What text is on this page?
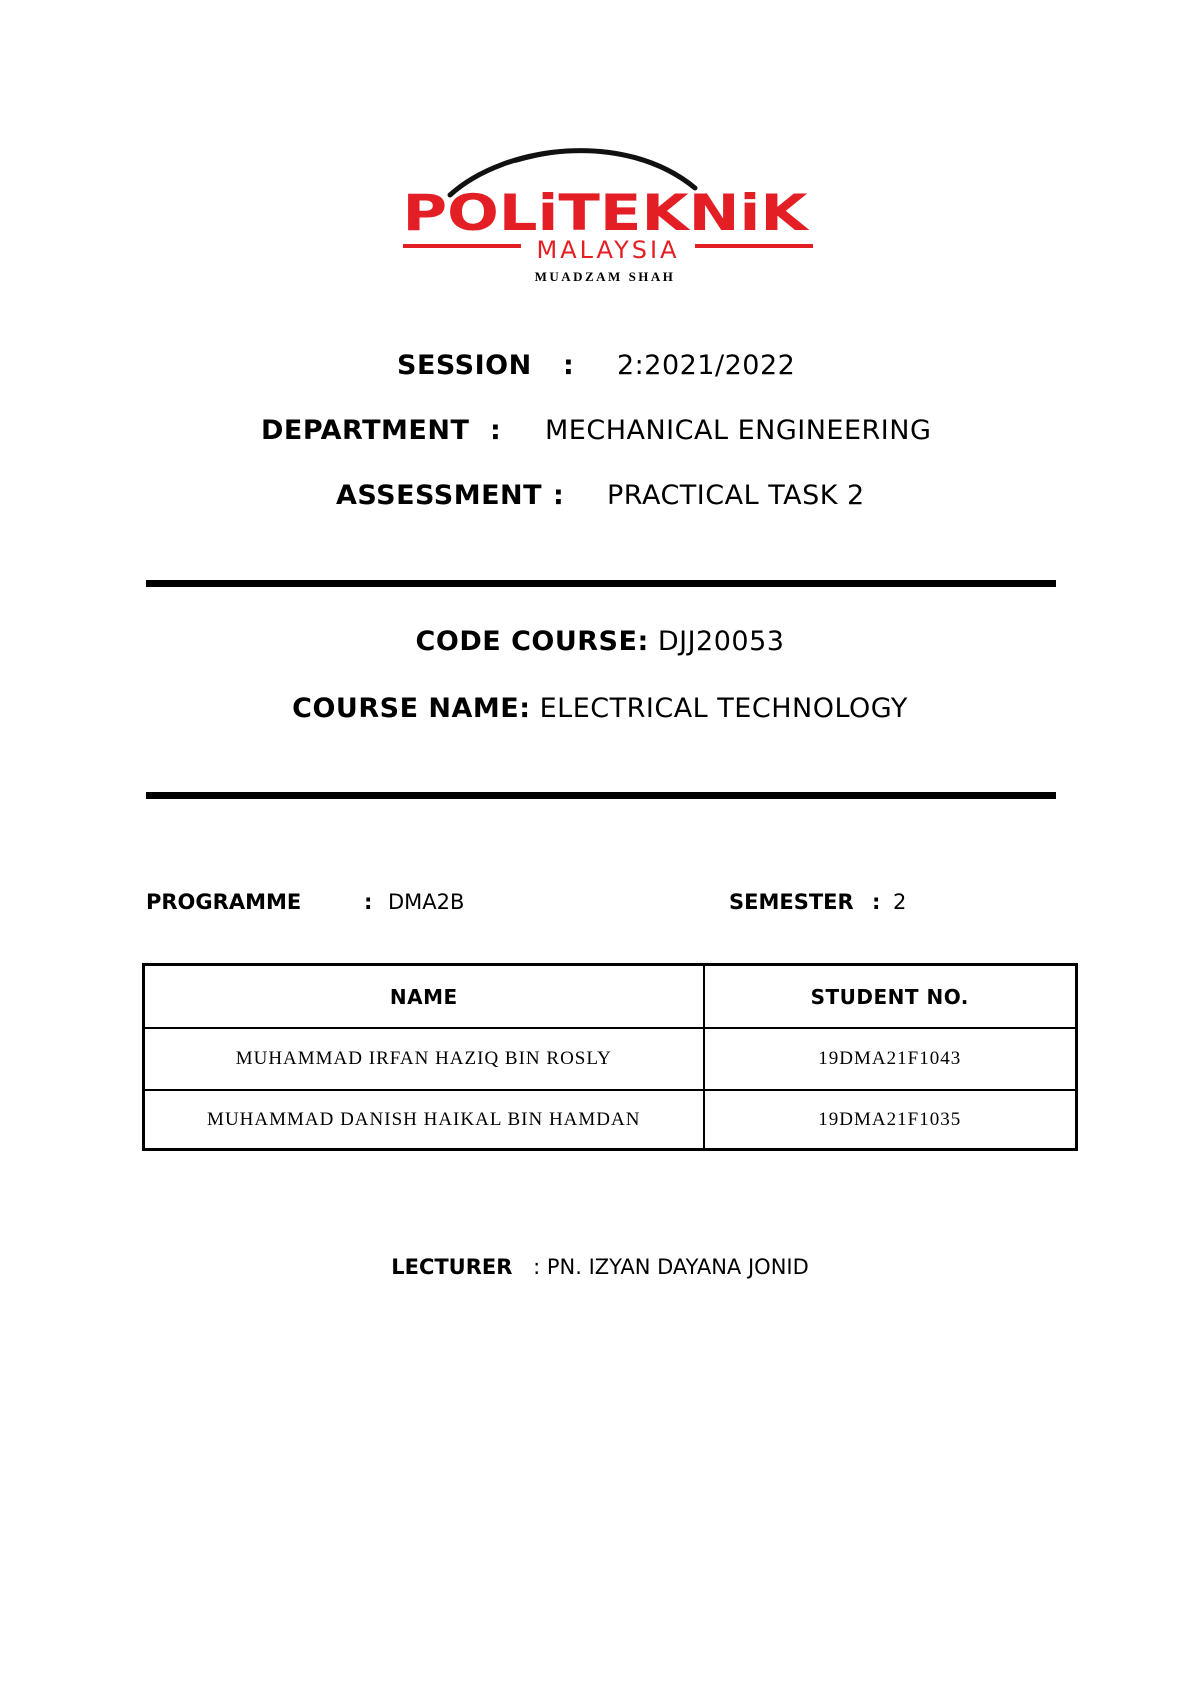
POLiTEKNiK
MALAYSIA
MUADZAM SHAH
SESSION : 2:2021/2022
DEPARTMENT : MECHANICAL ENGINEERING
ASSESSMENT : PRACTICAL TASK 2
CODE COURSE: DJJ20053
COURSE NAME: ELECTRICAL TECHNOLOGY
PROGRAMME	: DMA2B	SEMESTER : 2
NAME	STUDENT NO.
MUHAMMAD IRFAN HAZIQ BIN ROSLY	19DMA21F1043
MUHAMMAD DANISH HAIKAL BIN HAMDAN	19DMA21F1035
LECTURER : PN. IZYAN DAYANA JONID
